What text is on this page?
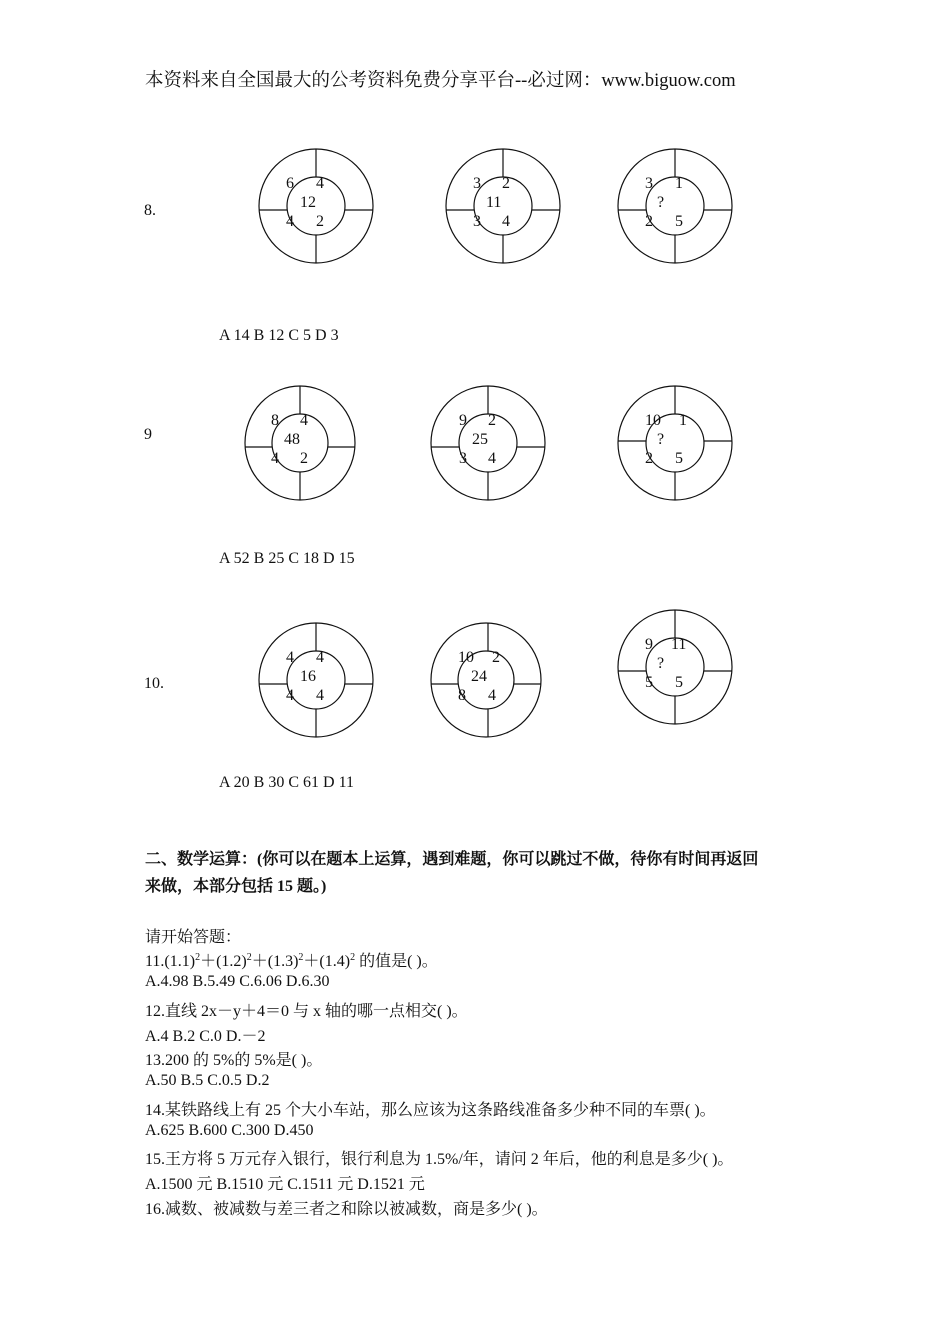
本资料来自全国最大的公考资料免费分享平台--必过网：www.biguow.com
8.
6 4
12
4 2
3 2
11
3 4
3 1
?
2 5
A 14 B 12 C 5 D 3
9
8 4
48
4 2
9 2
25
3 4
10 1
?
2 5
A 52 B 25 C 18 D 15
10.
4 4
16
4 4
10 2
24
8 4
9 11
?
5 5
A 20 B 30 C 61 D 11
二、数学运算：(你可以在题本上运算，遇到难题，你可以跳过不做，待你有时间再返回
来做，本部分包括 15 题。)
请开始答题：
$11.(1.1)^2+(1.2)^2+(1.3)^2+(1.4)^2$ 的值是( )。
A.4.98 B.5.49 C.6.06 D.6.30
12.直线 2x－y＋4＝0 与 x 轴的哪一点相交( )。
A.4 B.2 C.0 D.－2
13.200 的 5%的 5%是( )。
A.50 B.5 C.0.5 D.2
14.某铁路线上有 25 个大小车站，那么应该为这条路线准备多少种不同的车票( )。
A.625 B.600 C.300 D.450
15.王方将 5 万元存入银行，银行利息为 1.5%/年，请问 2 年后，他的利息是多少( )。
A.1500 元 B.1510 元 C.1511 元 D.1521 元
16.减数、被减数与差三者之和除以被减数，商是多少( )。
